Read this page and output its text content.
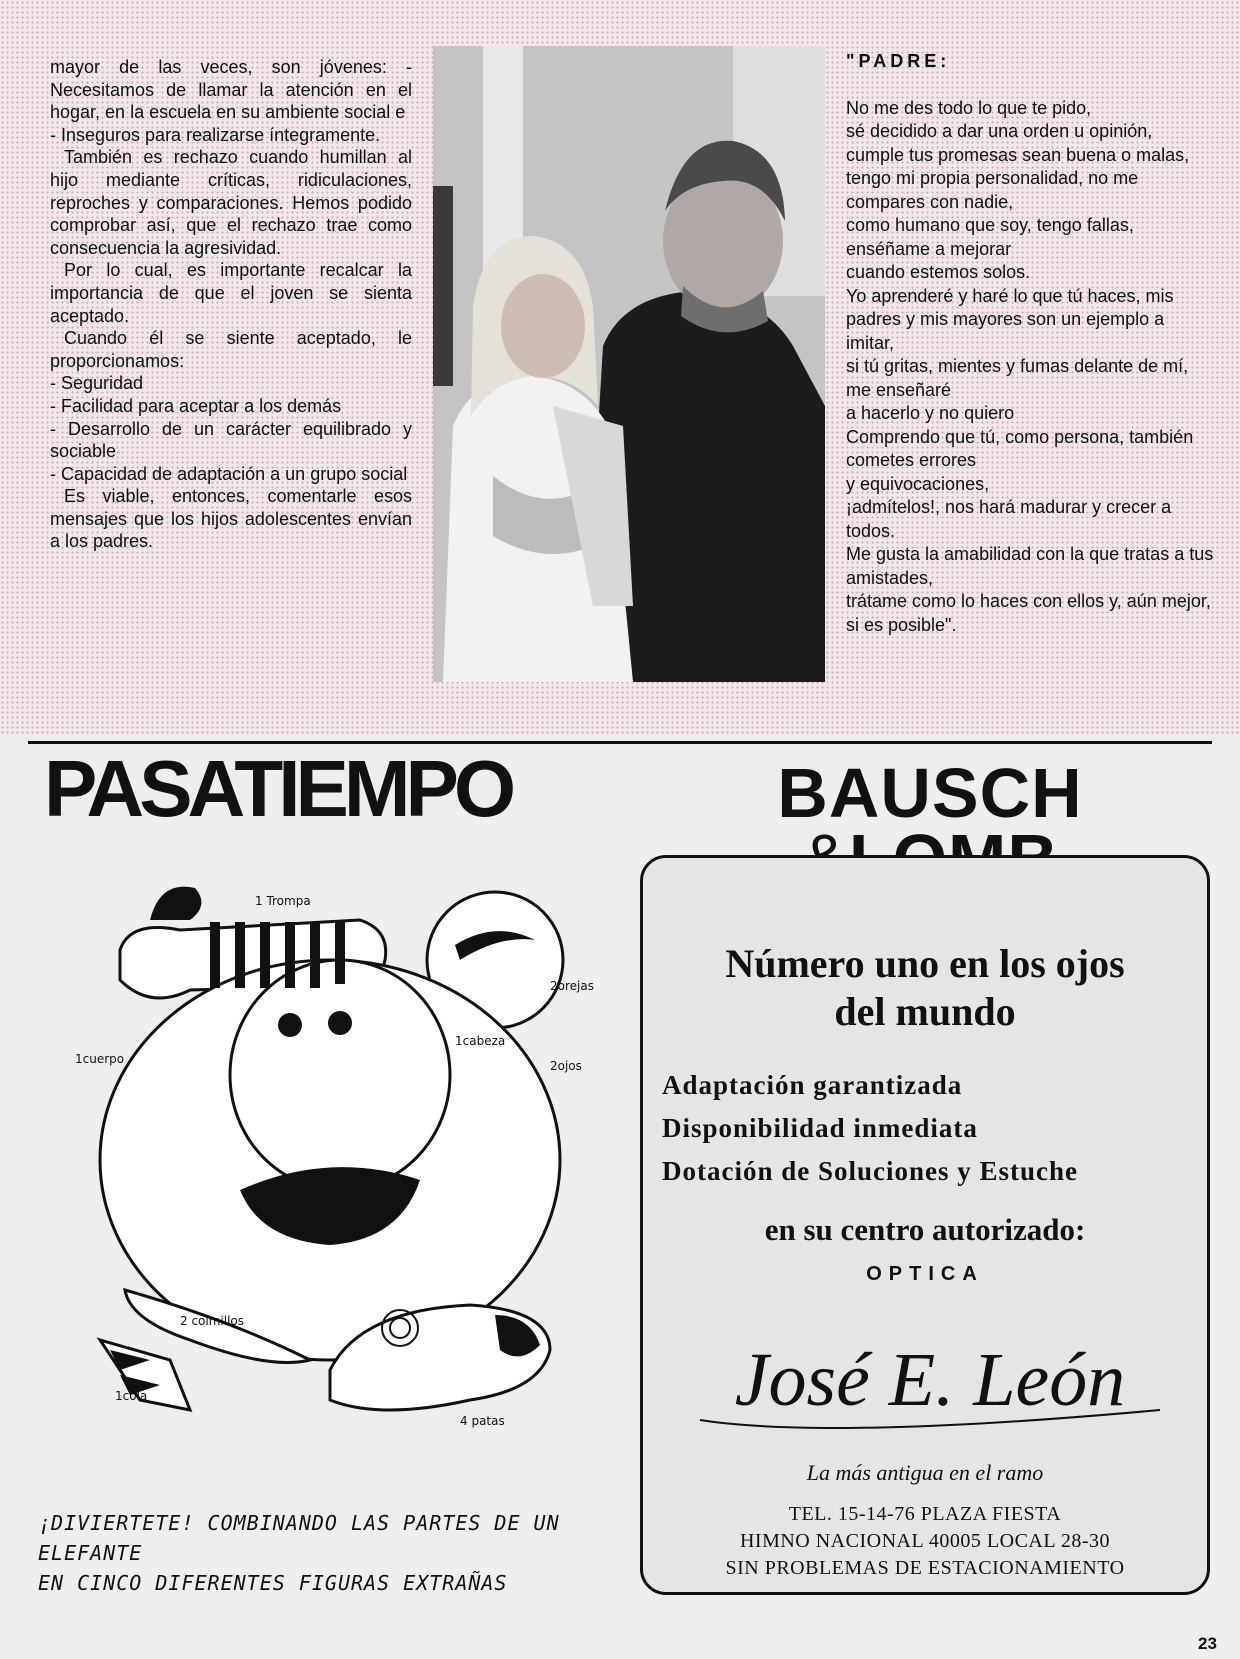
mayor de las veces, son jóvenes: - Necesitamos de llamar la atención en el hogar, en la escuela en su ambiente social e

- Inseguros para realizarse íntegramente.

También es rechazo cuando humillan al hijo mediante críticas, ridiculaciones, reproches y comparaciones. Hemos podido comprobar así, que el rechazo trae como consecuencia la agresividad.

Por lo cual, es importante recalcar la importancia de que el joven se sienta aceptado.

Cuando él se siente aceptado, le proporcionamos:

- Seguridad

- Facilidad para aceptar a los demás

- Desarrollo de un carácter equilibrado y sociable

- Capacidad de adaptación a un grupo social

Es viable, entonces, comentarle esos mensajes que los hijos adolescentes envían a los padres.

"PADRE:

No me des todo lo que te pido,

sé decidido a dar una orden u opinión,

cumple tus promesas sean buena o malas,

tengo mi propia personalidad, no me compares con nadie,

como humano que soy, tengo fallas, enséñame a mejorar

cuando estemos solos.

Yo aprenderé y haré lo que tú haces, mis padres y mis mayores son un ejemplo a imitar,

si tú gritas, mientes y fumas delante de mí, me enseñaré

a hacerlo y no quiero

Comprendo que tú, como persona, también cometes errores

y equivocaciones,

¡admítelos!, nos hará madurar y crecer a todos.

Me gusta la amabilidad con la que tratas a tus amistades,

trátame como lo haces con ellos y, aún mejor, si es posible".

PASATIEMPO
1 Trompa
2orejas
1cabeza
1cuerpo	2ojos
2 colmillos
1cola
4 patas
¡DIVIERTETE! COMBINANDO LAS PARTES DE UN ELEFANTE
EN CINCO DIFERENTES FIGURAS EXTRAÑAS
BAUSCH
Número uno en los ojos
del mundo
Adaptación garantizada
Disponibilidad inmediata
Dotación de Soluciones y Estuche
en su centro autorizado:
OPTICA
José E. León
La más antigua en el ramo
TEL. 15-14-76 PLAZA FIESTA
HIMNO NACIONAL 40005 LOCAL 28-30
SIN PROBLEMAS DE ESTACIONAMIENTO
23
